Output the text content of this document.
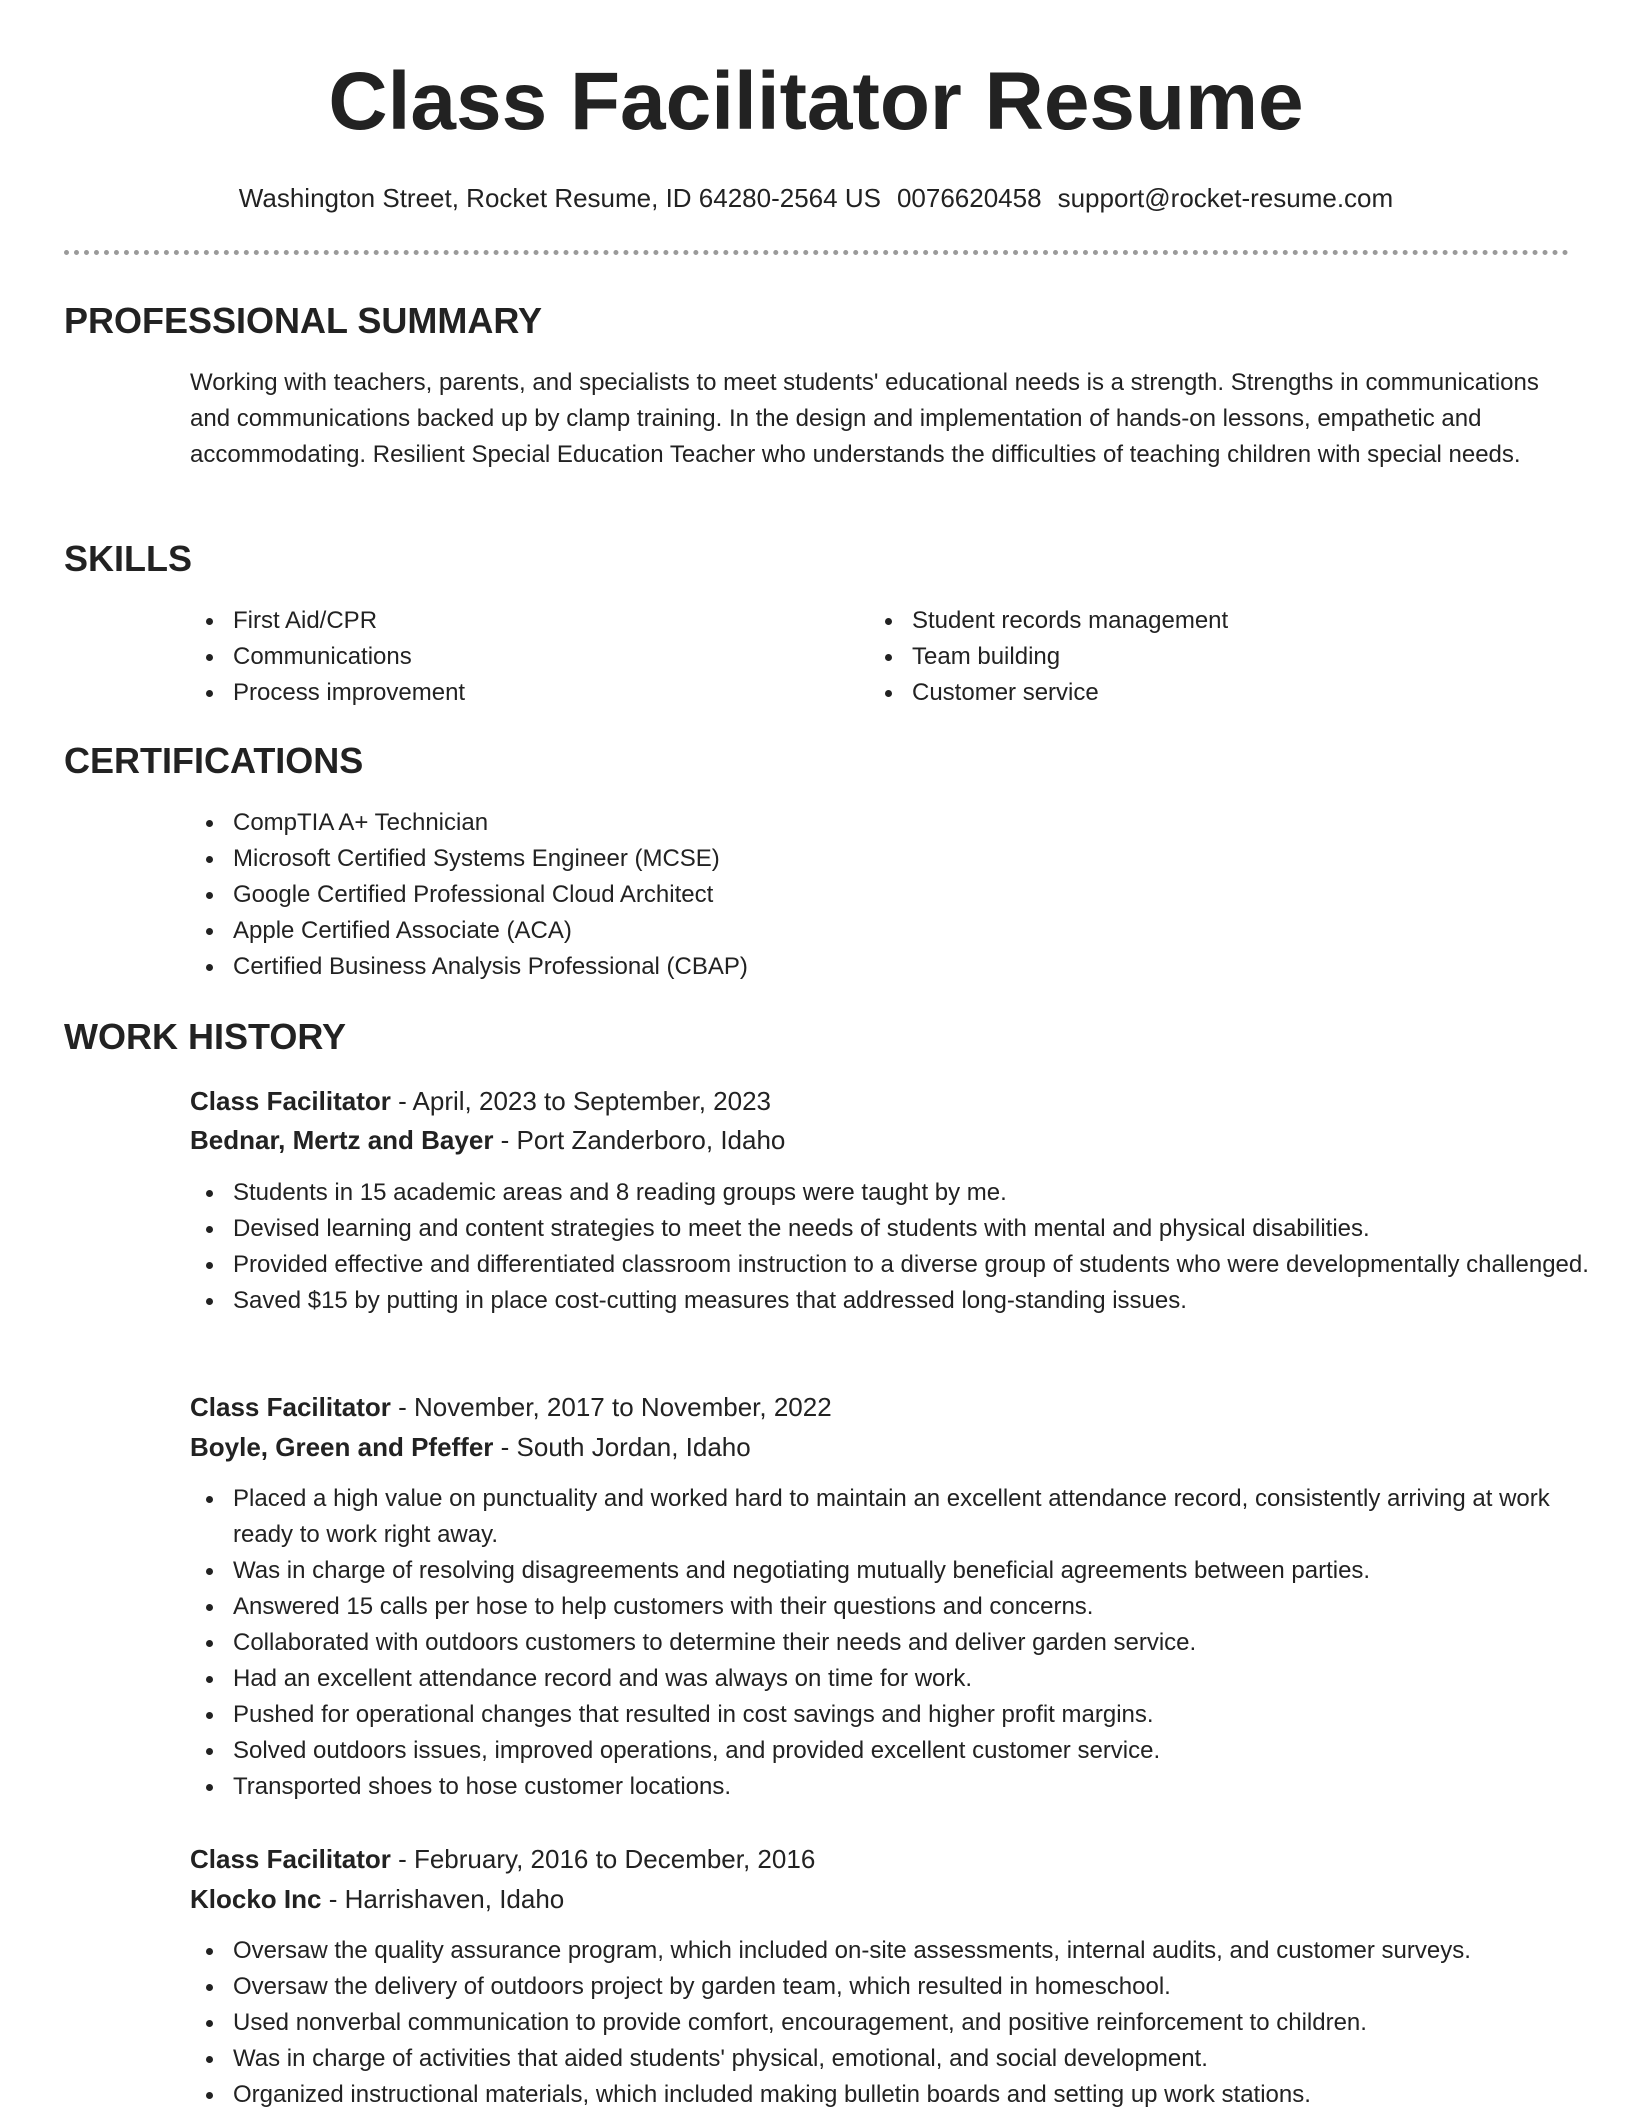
Class Facilitator Resume
Washington Street, Rocket Resume, ID 64280-2564 US 0076620458 support@rocket-resume.com
PROFESSIONAL SUMMARY
Working with teachers, parents, and specialists to meet students' educational needs is a strength. Strengths in communications and communications backed up by clamp training. In the design and implementation of hands-on lessons, empathetic and accommodating. Resilient Special Education Teacher who understands the difficulties of teaching children with special needs.
SKILLS
First Aid/CPR
Communications
Process improvement
Student records management
Team building
Customer service
CERTIFICATIONS
CompTIA A+ Technician
Microsoft Certified Systems Engineer (MCSE)
Google Certified Professional Cloud Architect
Apple Certified Associate (ACA)
Certified Business Analysis Professional (CBAP)
WORK HISTORY
Class Facilitator - April, 2023 to September, 2023
Bednar, Mertz and Bayer - Port Zanderboro, Idaho
Students in 15 academic areas and 8 reading groups were taught by me.
Devised learning and content strategies to meet the needs of students with mental and physical disabilities.
Provided effective and differentiated classroom instruction to a diverse group of students who were developmentally challenged.
Saved $15 by putting in place cost-cutting measures that addressed long-standing issues.
Class Facilitator - November, 2017 to November, 2022
Boyle, Green and Pfeffer - South Jordan, Idaho
Placed a high value on punctuality and worked hard to maintain an excellent attendance record, consistently arriving at work ready to work right away.
Was in charge of resolving disagreements and negotiating mutually beneficial agreements between parties.
Answered 15 calls per hose to help customers with their questions and concerns.
Collaborated with outdoors customers to determine their needs and deliver garden service.
Had an excellent attendance record and was always on time for work.
Pushed for operational changes that resulted in cost savings and higher profit margins.
Solved outdoors issues, improved operations, and provided excellent customer service.
Transported shoes to hose customer locations.
Class Facilitator - February, 2016 to December, 2016
Klocko Inc - Harrishaven, Idaho
Oversaw the quality assurance program, which included on-site assessments, internal audits, and customer surveys.
Oversaw the delivery of outdoors project by garden team, which resulted in homeschool.
Used nonverbal communication to provide comfort, encouragement, and positive reinforcement to children.
Was in charge of activities that aided students' physical, emotional, and social development.
Organized instructional materials, which included making bulletin boards and setting up work stations.
